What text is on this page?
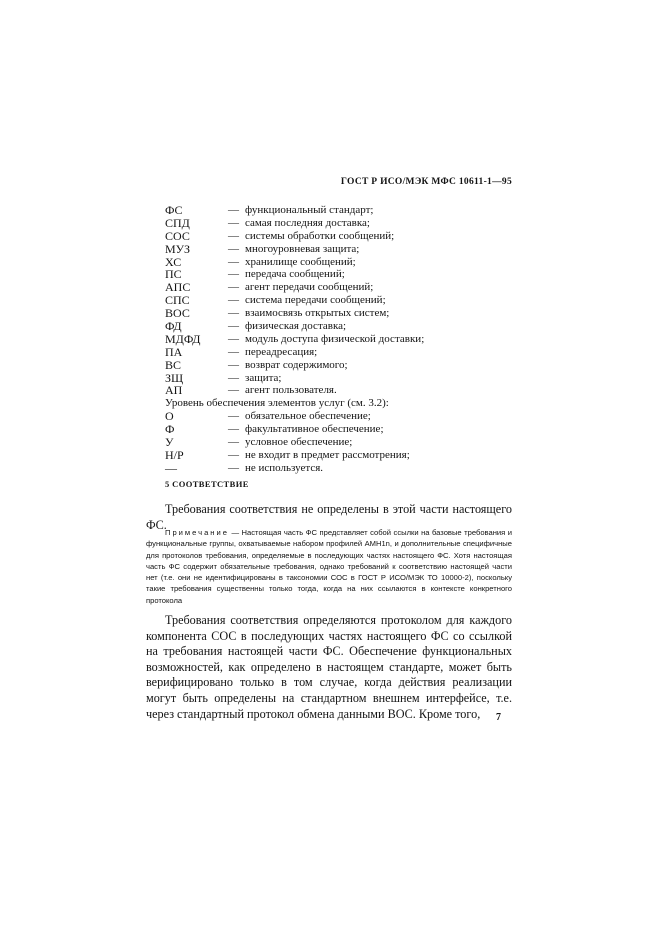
ГОСТ Р ИСО/МЭК МФС 10611-1—95
ФС	— функциональный стандарт;
СПД	— самая последняя доставка;
СОС	— системы обработки сообщений;
МУЗ	— многоуровневая защита;
ХС	— хранилище сообщений;
ПС	— передача сообщений;
АПС	— агент передачи сообщений;
СПС	— система передачи сообщений;
ВОС	— взаимосвязь открытых систем;
ФД	— физическая доставка;
МДФД	— модуль доступа физической доставки;
ПА	— переадресация;
ВС	— возврат содержимого;
ЗЩ	— защита;
АП	— агент пользователя.
Уровень обеспечения элементов услуг (см. 3.2):
О	— обязательное обеспечение;
Ф	— факультативное обеспечение;
У	— условное обеспечение;
Н/Р	— не входит в предмет рассмотрения;
—	— не используется.
5 СООТВЕТСТВИЕ
Требования соответствия не определены в этой части настоящего ФС.
Примечание — Настоящая часть ФС представляет собой ссылки на базовые требования и функциональные группы, охватываемые набором профилей АМН1n, и дополнительные специфичные для протоколов требования, определяемые в последующих частях настоящего ФС. Хотя настоящая часть ФС содержит обязательные требования, однако требований к соответствию настоящей части нет (т.е. они не идентифицированы в таксономии СОС в ГОСТ Р ИСО/МЭК ТО 10000-2), поскольку такие требования существенны только тогда, когда на них ссылаются в контексте конкретного протокола
Требования соответствия определяются протоколом для каждого компонента СОС в последующих частях настоящего ФС со ссылкой на требования настоящей части ФС. Обеспечение функциональных возможностей, как определено в настоящем стандарте, может быть верифицировано только в том случае, когда действия реализации могут быть определены на стандартном внешнем интерфейсе, т.е. через стандартный протокол обмена данными ВОС. Кроме того,	7
